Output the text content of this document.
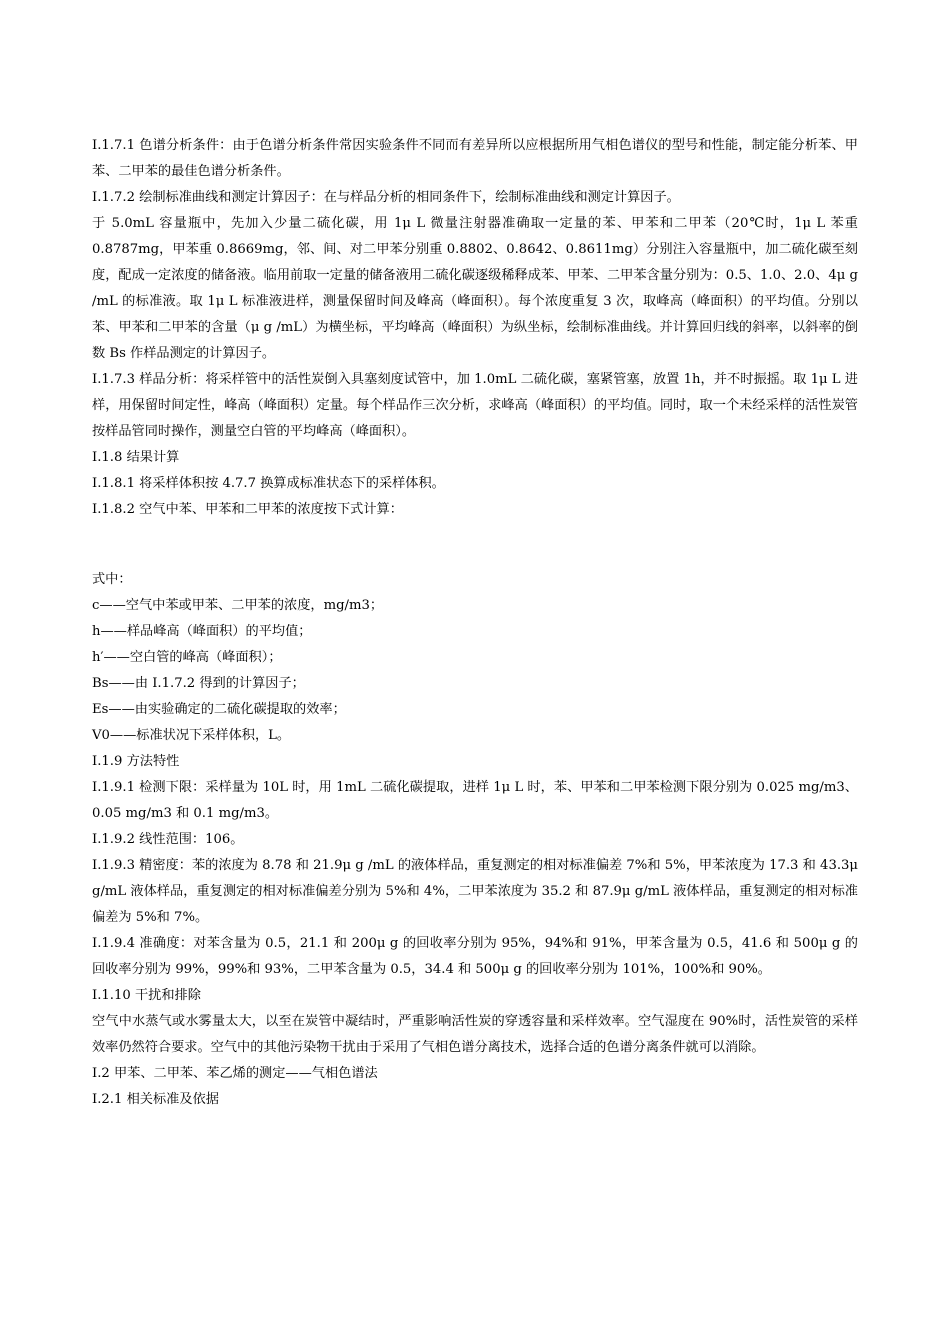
I.1.7.1 色谱分析条件：由于色谱分析条件常因实验条件不同而有差异所以应根据所用气相色谱仪的型号和性能，制定能分析苯、甲苯、二甲苯的最佳色谱分析条件。

I.1.7.2 绘制标准曲线和测定计算因子：在与样品分析的相同条件下，绘制标准曲线和测定计算因子。

于 5.0mL 容量瓶中，先加入少量二硫化碳，用 1μ L 微量注射器准确取一定量的苯、甲苯和二甲苯（20℃时，1μ L 苯重 0.8787mg，甲苯重 0.8669mg，邻、间、对二甲苯分别重 0.8802、0.8642、0.8611mg）分别注入容量瓶中，加二硫化碳至刻度，配成一定浓度的储备液。临用前取一定量的储备液用二硫化碳逐级稀释成苯、甲苯、二甲苯含量分别为：0.5、1.0、2.0、4μ g /mL 的标准液。取 1μ L 标准液进样，测量保留时间及峰高（峰面积）。每个浓度重复 3 次，取峰高（峰面积）的平均值。分别以苯、甲苯和二甲苯的含量（μ g /mL）为横坐标，平均峰高（峰面积）为纵坐标，绘制标准曲线。并计算回归线的斜率，以斜率的倒数 Bs 作样品测定的计算因子。

I.1.7.3 样品分析：将采样管中的活性炭倒入具塞刻度试管中，加 1.0mL 二硫化碳，塞紧管塞，放置 1h，并不时振摇。取 1μ L 进样，用保留时间定性，峰高（峰面积）定量。每个样品作三次分析，求峰高（峰面积）的平均值。同时，取一个未经采样的活性炭管按样品管同时操作，测量空白管的平均峰高（峰面积）。

I.1.8 结果计算

I.1.8.1 将采样体积按 4.7.7 换算成标准状态下的采样体积。

I.1.8.2 空气中苯、甲苯和二甲苯的浓度按下式计算：

式中：

c——空气中苯或甲苯、二甲苯的浓度，mg/m3；

h——样品峰高（峰面积）的平均值；

h′——空白管的峰高（峰面积）；

Bs——由 I.1.7.2 得到的计算因子；

Es——由实验确定的二硫化碳提取的效率；

V0——标准状况下采样体积，L。

I.1.9 方法特性

I.1.9.1 检测下限：采样量为 10L 时，用 1mL 二硫化碳提取，进样 1μ L 时，苯、甲苯和二甲苯检测下限分别为 0.025 mg/m3、0.05 mg/m3 和 0.1 mg/m3。

I.1.9.2 线性范围：106。

I.1.9.3 精密度：苯的浓度为 8.78 和 21.9μ g /mL 的液体样品，重复测定的相对标准偏差 7%和 5%，甲苯浓度为 17.3 和 43.3μ g/mL 液体样品，重复测定的相对标准偏差分别为 5%和 4%，二甲苯浓度为 35.2 和 87.9μ g/mL 液体样品，重复测定的相对标准偏差为 5%和 7%。

I.1.9.4 准确度：对苯含量为 0.5，21.1 和 200μ g 的回收率分别为 95%，94%和 91%，甲苯含量为 0.5，41.6 和 500μ g 的回收率分别为 99%，99%和 93%，二甲苯含量为 0.5，34.4 和 500μ g 的回收率分别为 101%，100%和 90%。

I.1.10 干扰和排除

空气中水蒸气或水雾量太大，以至在炭管中凝结时，严重影响活性炭的穿透容量和采样效率。空气湿度在 90%时，活性炭管的采样效率仍然符合要求。空气中的其他污染物干扰由于采用了气相色谱分离技术，选择合适的色谱分离条件就可以消除。

I.2 甲苯、二甲苯、苯乙烯的测定——气相色谱法

I.2.1 相关标准及依据
